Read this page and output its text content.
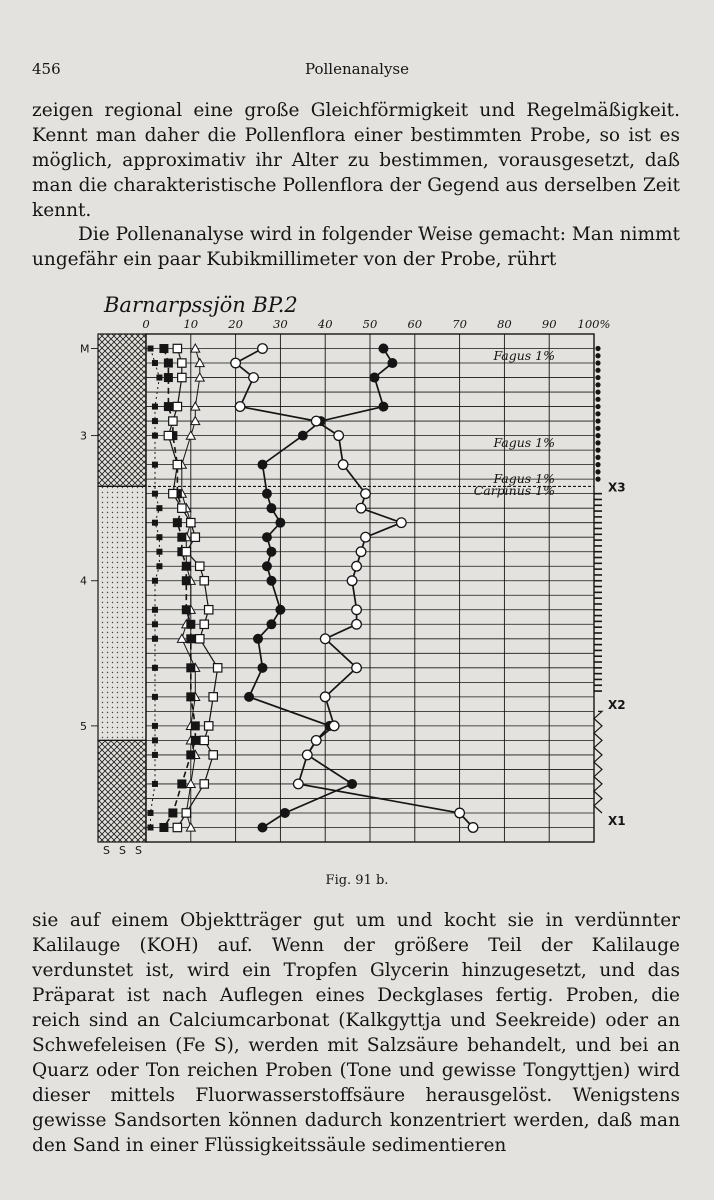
456	Pollenanalyse

zeigen regional eine große Gleichförmigkeit und Regelmäßigkeit. Kennt man daher die Pollenflora einer bestimmten Probe, so ist es möglich, approximativ ihr Alter zu bestimmen, vorausgesetzt, daß man die charakteristische Pollenflora der Gegend aus derselben Zeit kennt.

Die Pollenanalyse wird in folgender Weise gemacht: Man nimmt ungefähr ein paar Kubikmillimeter von der Probe, rührt

0	10	20	30	40	50	60	70	80	90 100%
Barnarpssjön BP.2
M
3
4
5
S S S
Fagus 1%
Fagus 1%
Fagus 1%
Carpinus 1%	X3
X2
X1
Fig. 91 b.

sie auf einem Objektträger gut um und kocht sie in verdünnter Kalilauge (KOH) auf. Wenn der größere Teil der Kalilauge verdunstet ist, wird ein Tropfen Glycerin hinzugesetzt, und das Präparat ist nach Auflegen eines Deckglases fertig. Proben, die reich sind an Calciumcarbonat (Kalkgyttja und Seekreide) oder an Schwefeleisen (Fe S), werden mit Salzsäure behandelt, und bei an Quarz oder Ton reichen Proben (Tone und gewisse Tongyttjen) wird dieser mittels Fluorwasserstoffsäure herausgelöst. Wenigstens gewisse Sandsorten können dadurch konzentriert werden, daß man den Sand in einer Flüssigkeitssäule sedimentieren
